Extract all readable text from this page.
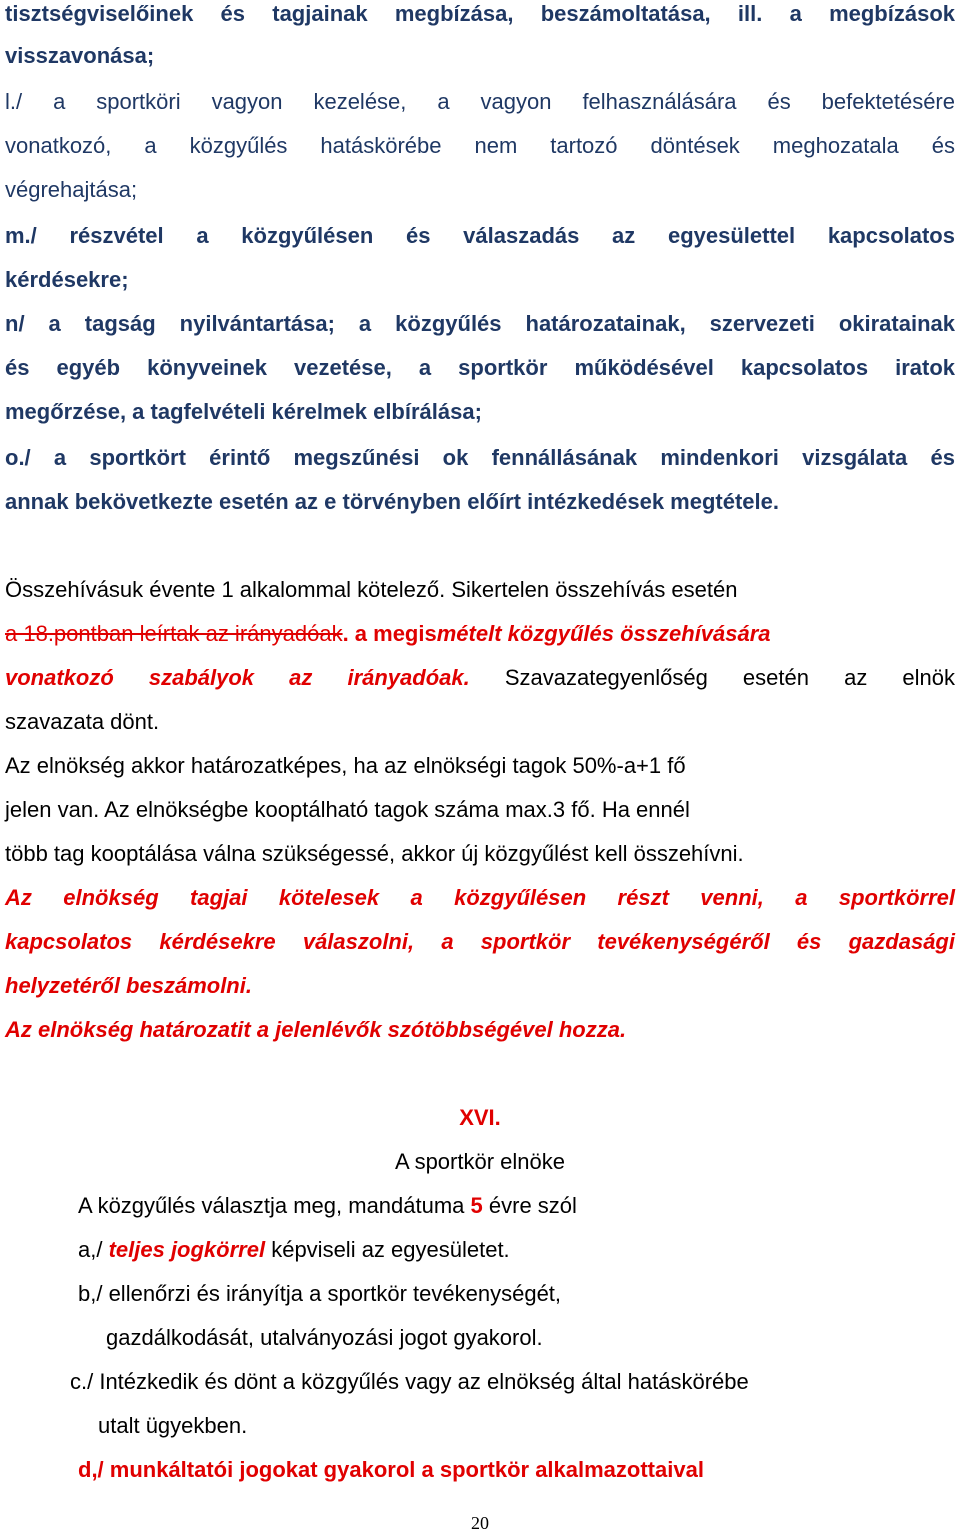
tisztségviselőinek és tagjainak megbízása, beszámoltatása, ill. a megbízások
visszavonása;
l./ a sportköri vagyon kezelése, a vagyon felhasználására és befektetésére
vonatkozó, a közgyűlés hatáskörébe nem tartozó döntések meghozatala és
végrehajtása;
m./ részvétel a közgyűlésen és válaszadás az egyesülettel kapcsolatos
kérdésekre;
n/ a tagság nyilvántartása; a közgyűlés határozatainak, szervezeti okiratainak
és egyéb könyveinek vezetése, a sportkör működésével kapcsolatos iratok
megőrzése, a tagfelvételi kérelmek elbírálása;
o./ a sportkört érintő megszűnési ok fennállásának mindenkori vizsgálata és
annak bekövetkezte esetén az e törvényben előírt intézkedések megtétele.
Összehívásuk évente 1 alkalommal kötelező. Sikertelen összehívás esetén
a 18.pontban leírtak az irányadóak. a megismételt közgyűlés összehívására
vonatkozó szabályok az irányadóak. Szavazategyenlőség esetén az elnök
szavazata dönt.
Az elnökség akkor határozatképes, ha az elnökségi tagok 50%-a+1 fő
jelen van. Az elnökségbe kooptálható tagok száma max.3 fő. Ha ennél
több tag kooptálása válna szükségessé, akkor új közgyűlést kell összehívni.
Az elnökség tagjai kötelesek a közgyűlésen részt venni, a sportkörrel
kapcsolatos kérdésekre válaszolni, a sportkör tevékenységéről és gazdasági
helyzetéről beszámolni.
Az elnökség határozatit a jelenlévők szótöbbségével hozza.
XVI.
A sportkör elnöke
A közgyűlés választja meg, mandátuma 5 évre szól
a,/ teljes jogkörrel képviseli az egyesületet.
b,/ ellenőrzi és irányítja a sportkör tevékenységét,
gazdálkodását, utalványozási jogot gyakorol.
c./ Intézkedik és dönt a közgyűlés vagy az elnökség által hatáskörébe
utalt ügyekben.
d,/ munkáltatói jogokat gyakorol a sportkör alkalmazottaival
20
